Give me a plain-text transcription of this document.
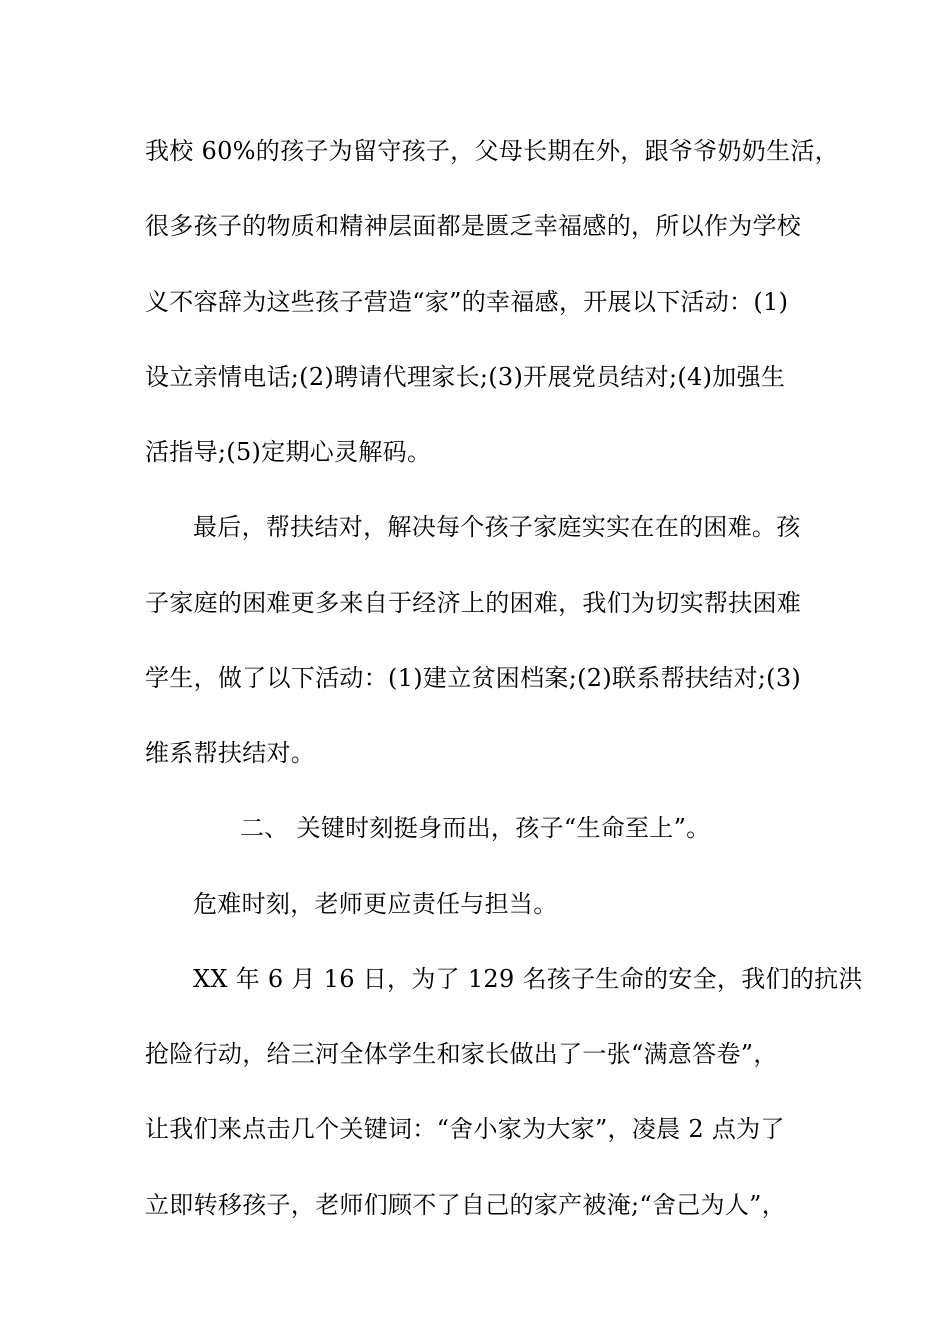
我校 60%的孩子为留守孩子，父母长期在外，跟爷爷奶奶生活，
很多孩子的物质和精神层面都是匮乏幸福感的，所以作为学校
义不容辞为这些孩子营造“家”的幸福感，开展以下活动：(1)
设立亲情电话;(2)聘请代理家长;(3)开展党员结对;(4)加强生
活指导;(5)定期心灵解码。
最后，帮扶结对，解决每个孩子家庭实实在在的困难。孩
子家庭的困难更多来自于经济上的困难，我们为切实帮扶困难
学生，做了以下活动：(1)建立贫困档案;(2)联系帮扶结对;(3)
维系帮扶结对。
二、 关键时刻挺身而出，孩子“生命至上”。
危难时刻，老师更应责任与担当。
XX 年 6 月 16 日，为了 129 名孩子生命的安全，我们的抗洪
抢险行动，给三河全体学生和家长做出了一张“满意答卷”，
让我们来点击几个关键词：“舍小家为大家”，凌晨 2 点为了
立即转移孩子，老师们顾不了自己的家产被淹;“舍己为人”，
